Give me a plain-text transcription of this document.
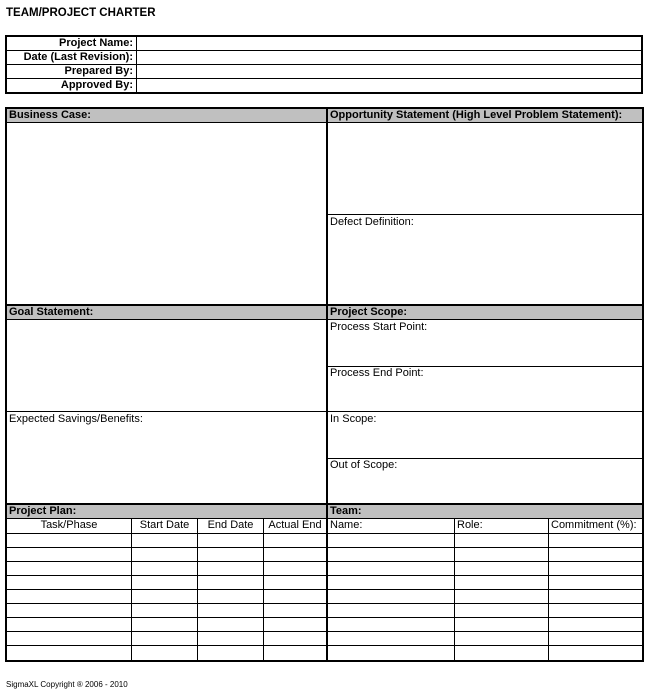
TEAM/PROJECT CHARTER
Project Name:
Date (Last Revision):
Prepared By:
Approved By:
Business Case:	Opportunity Statement (High Level Problem Statement):
Defect Definition:
Goal Statement:	Project Scope:
Process Start Point:
Process End Point:
Expected Savings/Benefits:	In Scope:
Out of Scope:
Project Plan:	Team:
Task/Phase	Start Date	End Date	Actual End Name:	Role:	Commitment (%):
SigmaXL Copyright ® 2006 - 2010
